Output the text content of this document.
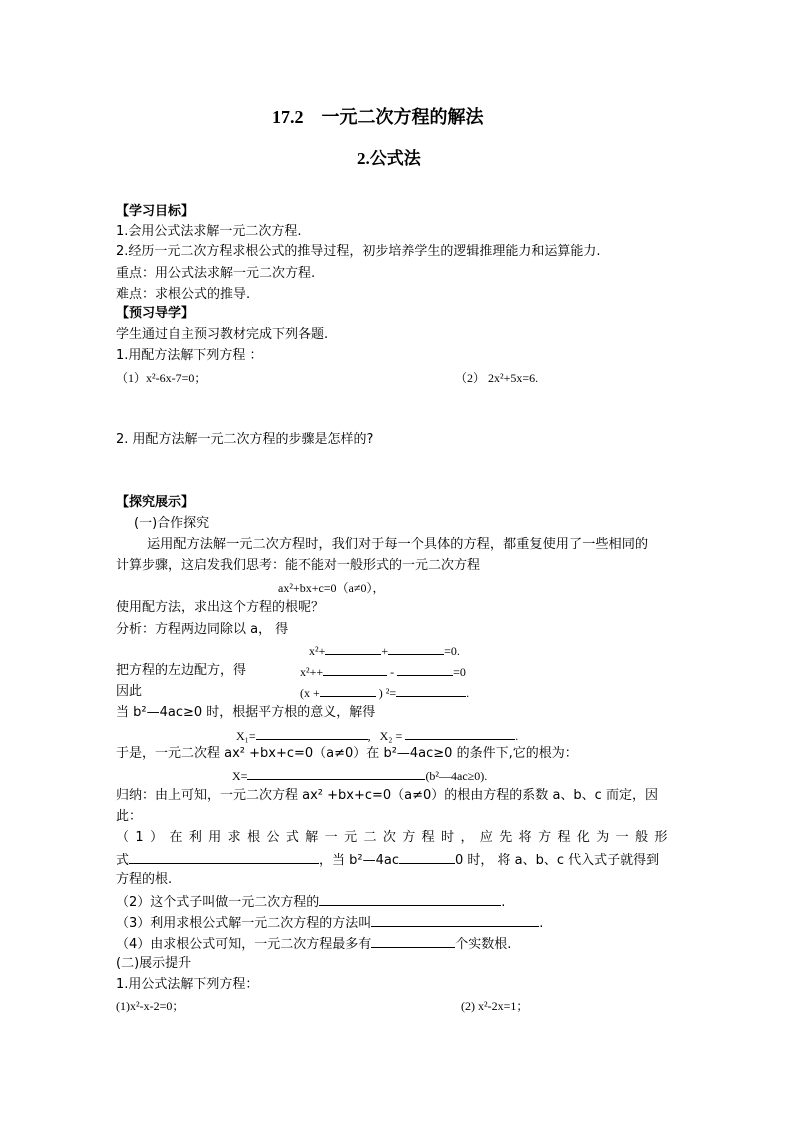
17.2 一元二次方程的解法
2.公式法
【学习目标】
1.会用公式法求解一元二次方程.
2.经历一元二次方程求根公式的推导过程，初步培养学生的逻辑推理能力和运算能力.
重点：用公式法求解一元二次方程.
难点：求根公式的推导.
【预习导学】
学生通过自主预习教材完成下列各题.
1.用配方法解下列方程 ：
（1）x²-6x-7=0；	（2） 2x²+5x=6.
2. 用配方法解一元二次方程的步骤是怎样的?
【探究展示】
(一)合作探究
运用配方法解一元二次方程时，我们对于每一个具体的方程，都重复使用了一些相同的
计算步骤，这启发我们思考：能不能对一般形式的一元二次方程
ax²+bx+c=0（a≠0），
使用配方法，求出这个方程的根呢？
分析：方程两边同除以 a， 得
x²+	+	=0.
把方程的左边配方，得	x²++	-	=0
因此	(x +	) ²=	.
当 b²—4ac≥0 时，根据平方根的意义，解得
X₁=	, X₂ =	.
于是，一元二次程 ax² +bx+c=0（a≠0）在 b²—4ac≥0 的条件下,它的根为：
X=	(b²—4ac≥0).
归纳：由上可知，一元二次方程 ax² +bx+c=0（a≠0）的根由方程的系数 a、b、c 而定，因
此：
（1）在利用求根公式解一元二次方程时，应先将方程化为一般形
式	，当 b²—4ac	0 时， 将 a、b、c 代入式子就得到
方程的根.
（2）这个式子叫做一元二次方程的	.
（3）利用求根公式解一元二次方程的方法叫	.
（4）由求根公式可知，一元二次方程最多有	个实数根.
(二)展示提升
1.用公式法解下列方程：
(1)x²-x-2=0；	(2) x²-2x=1；
